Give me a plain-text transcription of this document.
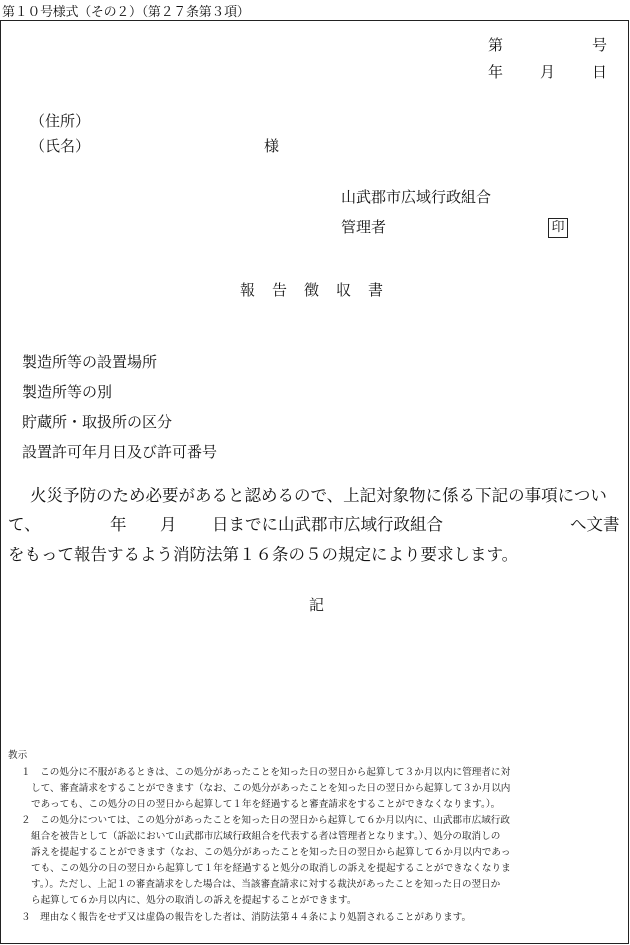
第１０号様式（その２）（第２７条第３項）
第	号
年 月 日
（住所）
（氏名）	様
山武郡市広域行政組合
管理者	印
報　告　徴　収　書
製造所等の設置場所
製造所等の別
貯蔵所・取扱所の区分
設置許可年月日及び許可番号
火災予防のため必要があると認めるので、上記対象物に係る下記の事項につい
て、	年 月 日までに山武郡市広域行政組合	へ文書
をもって報告するよう消防法第１６条の５の規定により要求します。
記
教示
１　この処分に不服があるときは、この処分があったことを知った日の翌日から起算して３か月以内に管理者に対
して、審査請求をすることができます（なお、この処分があったことを知った日の翌日から起算して３か月以内
であっても、この処分の日の翌日から起算して１年を経過すると審査請求をすることができなくなります。）。
２　この処分については、この処分があったことを知った日の翌日から起算して６か月以内に、山武郡市広域行政
組合を被告として（訴訟において山武郡市広域行政組合を代表する者は管理者となります。）、処分の取消しの
訴えを提起することができます（なお、この処分があったことを知った日の翌日から起算して６か月以内であっ
ても、この処分の日の翌日から起算して１年を経過すると処分の取消しの訴えを提起することができなくなりま
す。）。ただし、上記１の審査請求をした場合は、当該審査請求に対する裁決があったことを知った日の翌日か
ら起算して６か月以内に、処分の取消しの訴えを提起することができます。
３　理由なく報告をせず又は虚偽の報告をした者は、消防法第４４条により処罰されることがあります。
